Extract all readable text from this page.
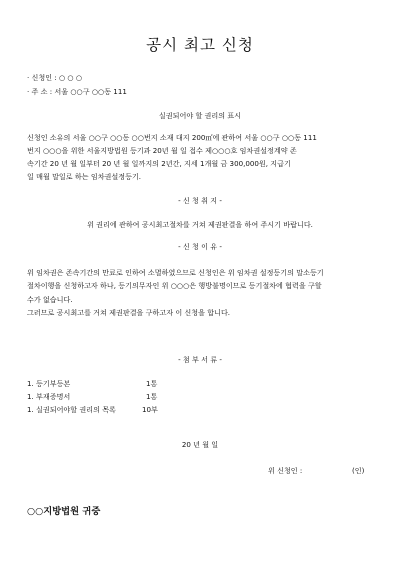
공시 최고 신청
· 신청인 : ○ ○ ○
· 주 소 : 서울 ○○구 ○○동 111
실권되어야 할 권리의 표시
신청인 소유의 서울 ○○구 ○○동 ○○번지 소재 대지 200㎡에 관하여 서울 ○○구 ○○동 111
번지 ○○○을 위한 서울지방법원 등기과 20년 월 일 접수 제○○○호 임차권설정계약 존
속기간 20 년 월 일부터 20 년 월 일까지의 2년간, 지세 1개월 금 300,000원, 지급기
일 매월 말일로 하는 임차권설정등기.
- 신 청 취 지 -
위 권리에 관하여 공시최고절차를 거쳐 제권판결을 하여 주시기 바랍니다.
- 신 청 이 유 -
위 임차권은 존속기간의 만료로 인하여 소멸하였으므로 신청인은 위 임차권 설정등기의 말소등기
절차이행을 신청하고자 하나, 등기의무자인 위 ○○○은 행방불명이므로 등기절차에 협력을 구할
수가 없습니다.
그러므로 공시최고를 거쳐 제권판결을 구하고자 이 신청을 합니다.
- 첨 부 서 류 -
1. 등기부등본	1통
1. 부재증명서	1통
1. 실권되어야할 권리의 목록	10부
20 년 월 일
위 신청인 :	(인)
○○지방법원 귀중
